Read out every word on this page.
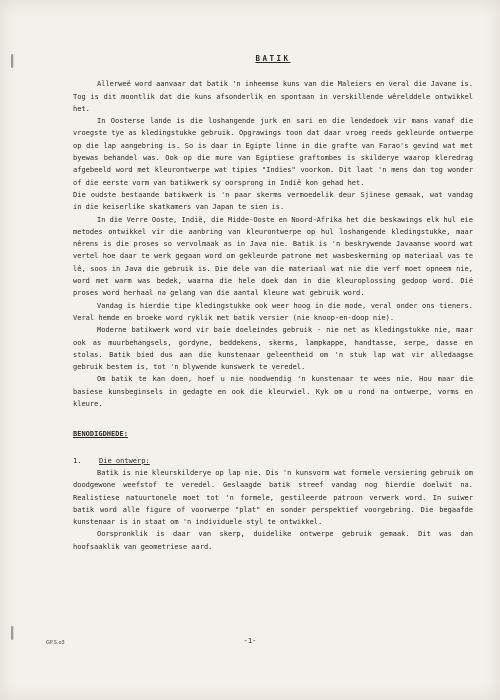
BATIK

Allerweë word aanvaar dat batik 'n inheemse kuns van die Maleiers en veral die Javane is. Tog is dit moontlik dat die kuns afsonderlik en spontaan in verskillende wêrelddele ontwikkel het.

In Oosterse lande is die loshangende jurk en sari en die lendedoek vir mans vanaf die vroegste tye as kledingstukke gebruik. Opgrawings toon dat daar vroeg reeds gekleurde ontwerpe op die lap aangebring is. So is daar in Egipte linne in die grafte van Farao's gevind wat met byewas behandel was. Ook op die mure van Egiptiese graftombes is skilderye waarop kleredrag afgebeeld word met kleurontwerpe wat tipies "Indies" voorkom. Dit laat 'n mens dan tog wonder of die eerste vorm van batikwerk sy oorsprong in Indië kon gehad het.

Die oudste bestaande batikwerk is 'n paar skerms vermoedelik deur Sjinese gemaak, wat vandag in die keiserlike skatkamers van Japan te sien is.

In die Verre Ooste, Indië, die Midde-Ooste en Noord-Afrika het die beskawings elk hul eie metodes ontwikkel vir die aanbring van kleurontwerpe op hul loshangende kledingstukke, maar nêrens is die proses so vervolmaak as in Java nie. Batik is 'n beskrywende Javaanse woord wat vertel hoe daar te werk gegaan word om gekleurde patrone met wasbeskerming op materiaal vas te lê, soos in Java die gebruik is. Die dele van die materiaal wat nie die verf moet opneem nie, word met warm was bedek, waarna die hele doek dan in die kleuroplossing gedoop word. Dié proses word herhaal na gelang van die aantal kleure wat gebruik word.

Vandag is hierdie tipe kledingstukke ook weer hoog in die mode, veral onder ons tieners. Veral hemde en broeke word ryklik met batik versier (nie knoop-en-doop nie).

Moderne batikwerk word vir baie doeleindes gebruik - nie net as kledingstukke nie, maar ook as muurbehangsels, gordyne, beddekens, skerms, lampkappe, handtasse, serpe, dasse en stolas. Batik bied dus aan die kunstenaar geleentheid om 'n stuk lap wat vir alledaagse gebruik bestem is, tot 'n blywende kunswerk te veredel.

Om batik te kan doen, hoef u nie noodwendig 'n kunstenaar te wees nie. Hou maar die basiese kunsbeginsels in gedagte en ook die kleurwiel. Kyk om u rond na ontwerpe, vorms en kleure.

BENODIGDHEDE:
1.	Die ontwerp:

Batik is nie kleurskilderye op lap nie. Dis 'n kunsvorm wat formele versiering gebruik om doodgewone weefstof te veredel. Geslaagde batik streef vandag nog hierdie doelwit na. Realistiese natuurtonele moet tot 'n formele, gestileerde patroon verwerk word. In suiwer batik word alle figure of voorwerpe "plat" en sonder perspektief voorgebring. Die begaafde kunstenaar is in staat om 'n individuele styl te ontwikkel.

Oorspronklik is daar van skerp, duidelike ontwerpe gebruik gemaak. Dit was dan hoofsaaklik van geometriese aard.

GP.S.o3	-1-
